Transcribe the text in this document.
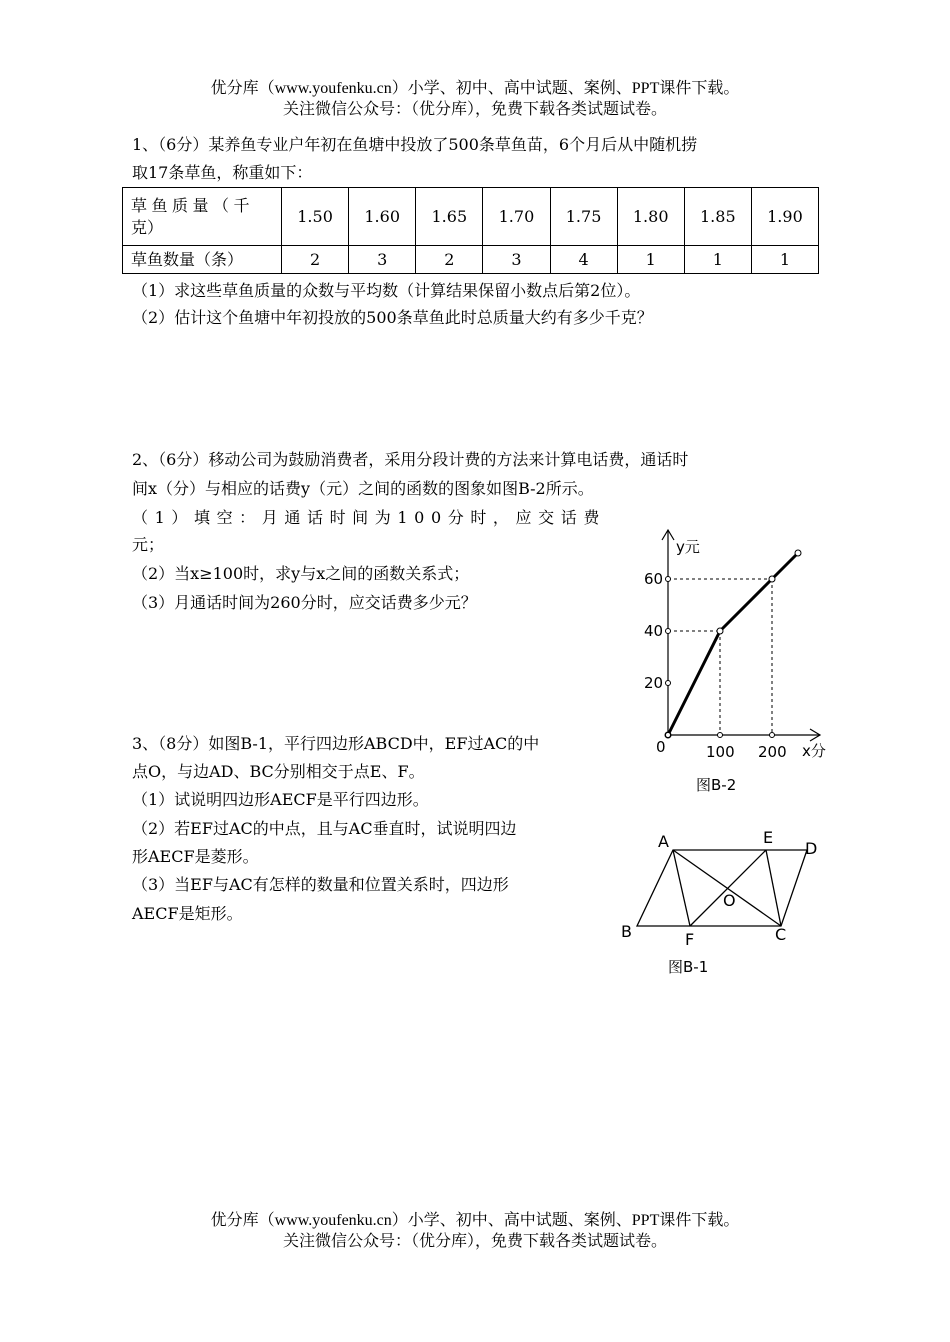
优分库（www.youfenku.cn）小学、初中、高中试题、案例、PPT课件下载。
关注微信公众号：（优分库），免费下载各类试题试卷。
1、（6分）某养鱼专业户年初在鱼塘中投放了500条草鱼苗，6个月后从中随机捞
取17条草鱼，称重如下：
草鱼质量（千
克）	1.50	1.60	1.65	1.70	1.75	1.80	1.85	1.90
草鱼数量（条）	2	3	2	3	4	1	1	1
（1）求这些草鱼质量的众数与平均数（计算结果保留小数点后第2位）。
（2）估计这个鱼塘中年初投放的500条草鱼此时总质量大约有多少千克？
2、（6分）移动公司为鼓励消费者，采用分段计费的方法来计算电话费，通话时
间x（分）与相应的话费y（元）之间的函数的图象如图B-2所示。
（1）填空：月通话时间为100分时，应交话费
元；
（2）当x≥100时，求y与x之间的函数关系式；
（3）月通话时间为260分时，应交话费多少元？
3、（8分）如图B-1，平行四边形ABCD中，EF过AC的中
点O，与边AD、BC分别相交于点E、F。
（1）试说明四边形AECF是平行四边形。
（2）若EF过AC的中点，且与AC垂直时，试说明四边
形AECF是菱形。
（3）当EF与AC有怎样的数量和位置关系时，四边形
AECF是矩形。
20
40
60
100 200
0
y元
x分
图B-2
A	E
D
O
B	F	C
图B-1
优分库（www.youfenku.cn）小学、初中、高中试题、案例、PPT课件下载。
关注微信公众号：（优分库），免费下载各类试题试卷。
